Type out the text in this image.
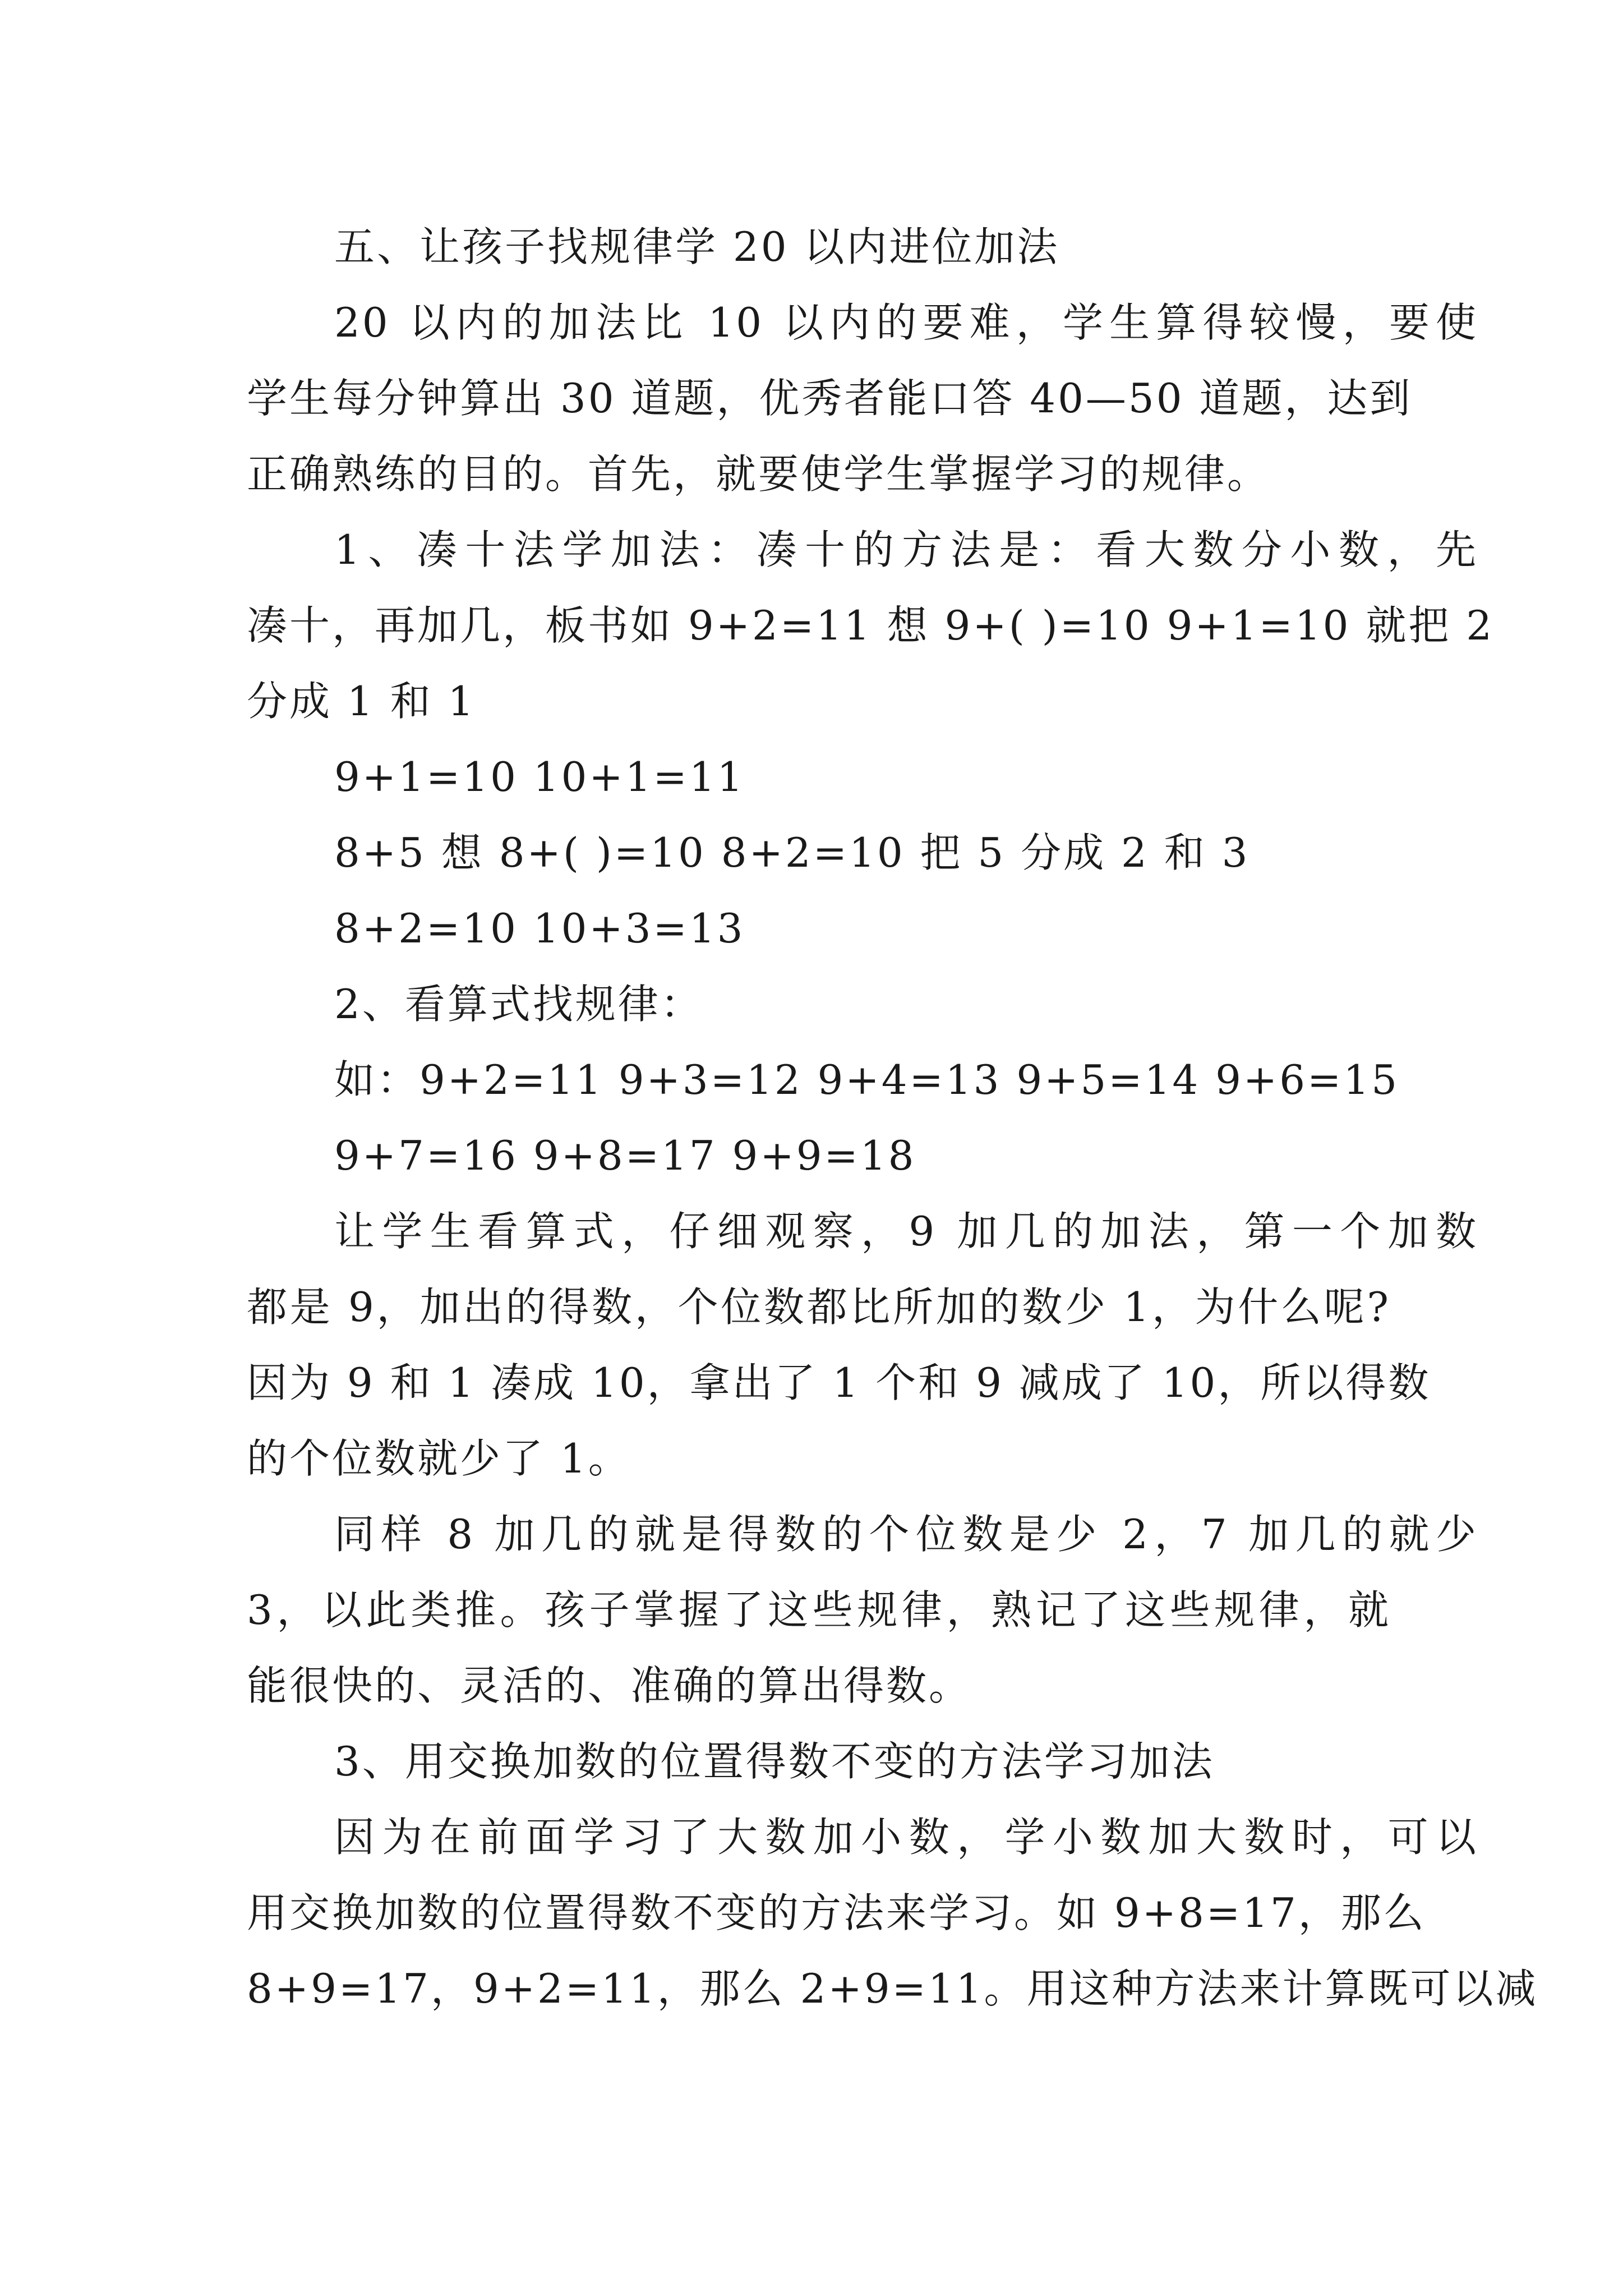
五、让孩子找规律学 20 以内进位加法
20 以内的加法比 10 以内的要难，学生算得较慢，要使
学生每分钟算出 30 道题，优秀者能口答 40—50 道题，达到
正确熟练的目的。首先，就要使学生掌握学习的规律。
1、凑十法学加法：凑十的方法是：看大数分小数，先
凑十，再加几，板书如 9+2=11 想 9+( )=10 9+1=10 就把 2
分成 1 和 1
9+1=10 10+1=11
8+5 想 8+( )=10 8+2=10 把 5 分成 2 和 3
8+2=10 10+3=13
2、看算式找规律：
如：9+2=11 9+3=12 9+4=13 9+5=14 9+6=15
9+7=16 9+8=17 9+9=18
让学生看算式，仔细观察，9 加几的加法，第一个加数
都是 9，加出的得数，个位数都比所加的数少 1，为什么呢?
因为 9 和 1 凑成 10，拿出了 1 个和 9 减成了 10，所以得数
的个位数就少了 1。
同样 8 加几的就是得数的个位数是少 2，7 加几的就少
3，以此类推。孩子掌握了这些规律，熟记了这些规律，就
能很快的、灵活的、准确的算出得数。
3、用交换加数的位置得数不变的方法学习加法
因为在前面学习了大数加小数，学小数加大数时，可以
用交换加数的位置得数不变的方法来学习。如 9+8=17，那么
8+9=17，9+2=11，那么 2+9=11。用这种方法来计算既可以减
